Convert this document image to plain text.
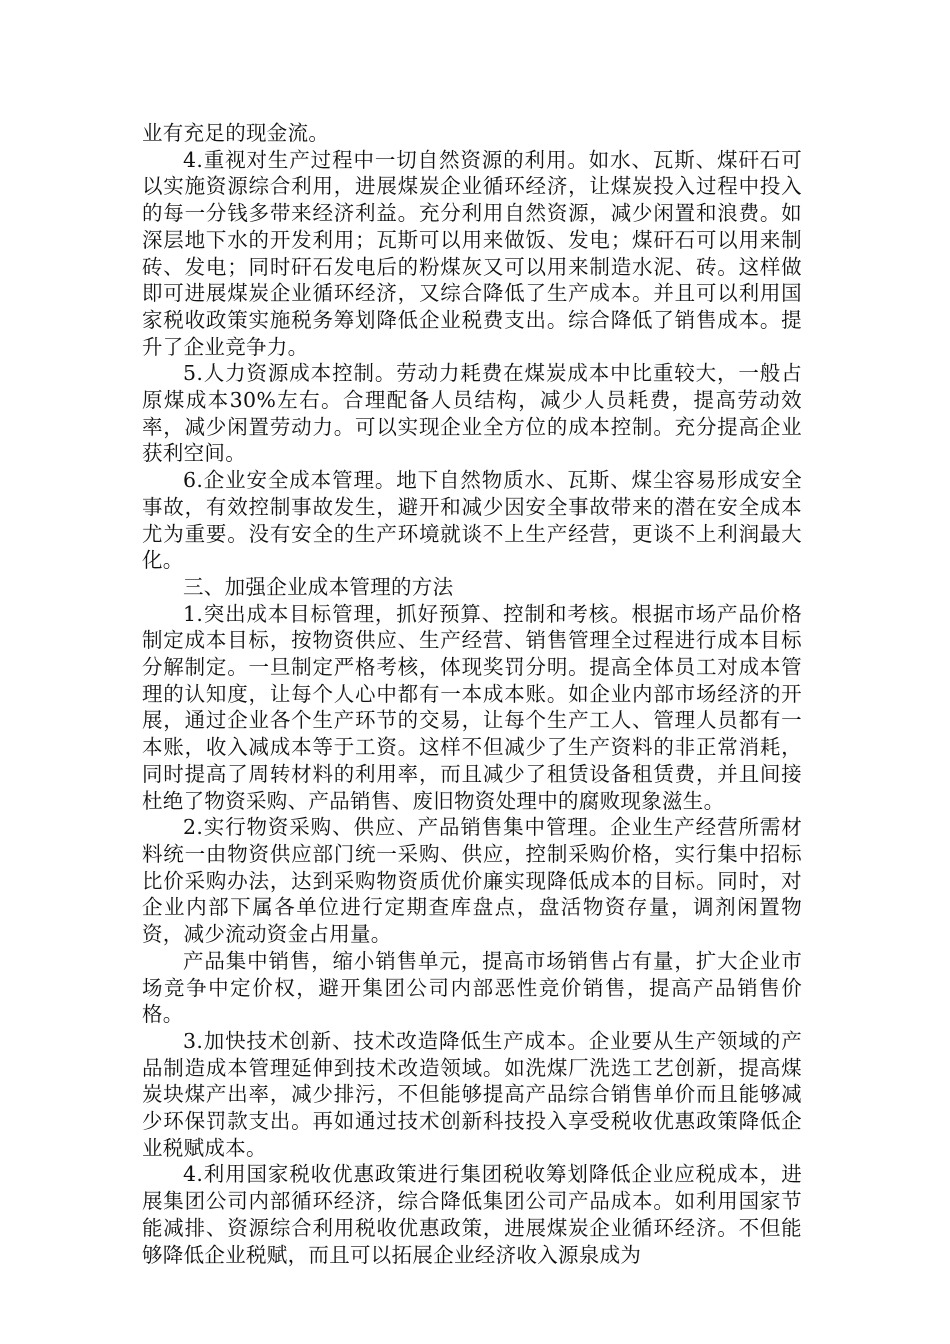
业有充足的现金流。

4.重视对生产过程中一切自然资源的利用。如水、瓦斯、煤矸石可以实施资源综合利用，进展煤炭企业循环经济，让煤炭投入过程中投入的每一分钱多带来经济利益。充分利用自然资源，减少闲置和浪费。如深层地下水的开发利用；瓦斯可以用来做饭、发电；煤矸石可以用来制砖、发电；同时矸石发电后的粉煤灰又可以用来制造水泥、砖。这样做即可进展煤炭企业循环经济，又综合降低了生产成本。并且可以利用国家税收政策实施税务筹划降低企业税费支出。综合降低了销售成本。提升了企业竞争力。

5.人力资源成本控制。劳动力耗费在煤炭成本中比重较大，一般占原煤成本30%左右。合理配备人员结构，减少人员耗费，提高劳动效率，减少闲置劳动力。可以实现企业全方位的成本控制。充分提高企业获利空间。

6.企业安全成本管理。地下自然物质水、瓦斯、煤尘容易形成安全事故，有效控制事故发生，避开和减少因安全事故带来的潜在安全成本尤为重要。没有安全的生产环境就谈不上生产经营，更谈不上利润最大化。

三、加强企业成本管理的方法

1.突出成本目标管理，抓好预算、控制和考核。根据市场产品价格制定成本目标，按物资供应、生产经营、销售管理全过程进行成本目标分解制定。一旦制定严格考核，体现奖罚分明。提高全体员工对成本管理的认知度，让每个人心中都有一本成本账。如企业内部市场经济的开展，通过企业各个生产环节的交易，让每个生产工人、管理人员都有一本账，收入减成本等于工资。这样不但减少了生产资料的非正常消耗，同时提高了周转材料的利用率，而且减少了租赁设备租赁费，并且间接杜绝了物资采购、产品销售、废旧物资处理中的腐败现象滋生。

2.实行物资采购、供应、产品销售集中管理。企业生产经营所需材料统一由物资供应部门统一采购、供应，控制采购价格，实行集中招标比价采购办法，达到采购物资质优价廉实现降低成本的目标。同时，对企业内部下属各单位进行定期查库盘点，盘活物资存量，调剂闲置物资，减少流动资金占用量。

产品集中销售，缩小销售单元，提高市场销售占有量，扩大企业市场竞争中定价权，避开集团公司内部恶性竞价销售，提高产品销售价格。

3.加快技术创新、技术改造降低生产成本。企业要从生产领域的产品制造成本管理延伸到技术改造领域。如洗煤厂洗选工艺创新，提高煤炭块煤产出率，减少排污，不但能够提高产品综合销售单价而且能够减少环保罚款支出。再如通过技术创新科技投入享受税收优惠政策降低企业税赋成本。

4.利用国家税收优惠政策进行集团税收筹划降低企业应税成本，进展集团公司内部循环经济，综合降低集团公司产品成本。如利用国家节能减排、资源综合利用税收优惠政策，进展煤炭企业循环经济。不但能够降低企业税赋，而且可以拓展企业经济收入源泉成为
